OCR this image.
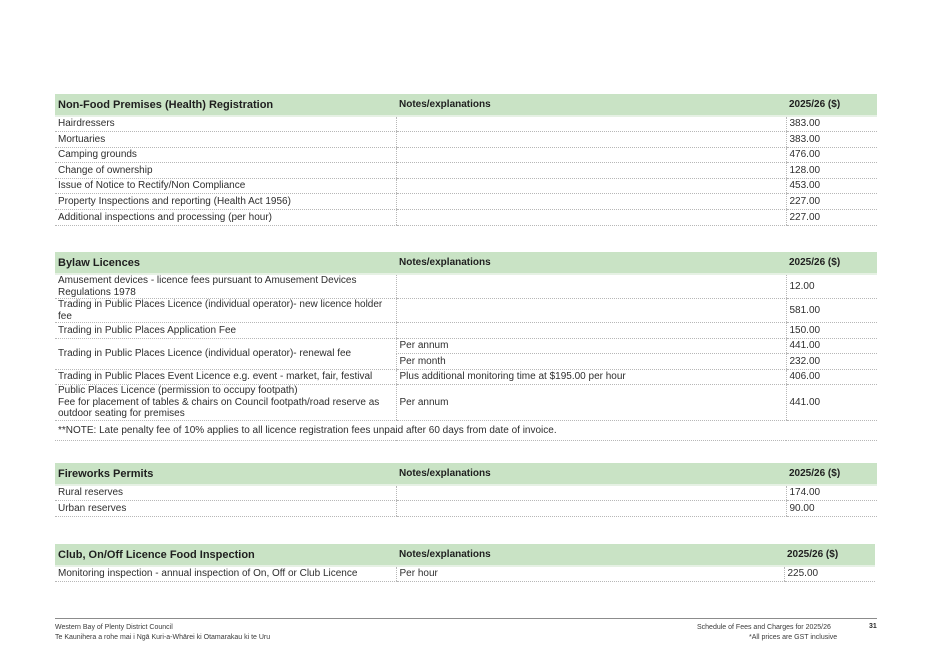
Non-Food Premises (Health) Registration	Notes/explanations	2025/26 ($)
Hairdressers		383.00
Mortuaries		383.00
Camping grounds		476.00
Change of ownership		128.00
Issue of Notice to Rectify/Non Compliance		453.00
Property Inspections and reporting (Health Act 1956)		227.00
Additional inspections and processing (per hour)		227.00
Bylaw Licences	Notes/explanations	2025/26 ($)
Amusement devices - licence fees pursuant to Amusement Devices Regulations 1978		12.00
Trading in Public Places Licence (individual operator)- new licence holder fee		581.00
Trading in Public Places Application Fee		150.00
Trading in Public Places Licence (individual operator)- renewal fee	Per annum	441.00
	Per month	232.00
Trading in Public Places Event Licence e.g. event - market, fair, festival	Plus additional monitoring time at $195.00 per hour	406.00

Public Places Licence (permission to occupy footpath)
Fee for placement of tables & chairs on Council footpath/road reserve as outdoor seating for premises	Per annum	441.00
**NOTE: Late penalty fee of 10% applies to all licence registration fees unpaid after 60 days from date of invoice.		
Fireworks Permits	Notes/explanations	2025/26 ($)
Rural reserves		174.00
Urban reserves		90.00
Club, On/Off Licence Food Inspection	Notes/explanations	2025/26 ($)
Monitoring inspection - annual inspection of On, Off or Club Licence	Per hour	225.00
Western Bay of Plenty District Council
Te Kaunihera a rohe mai i Ngā Kuri-a-Whārei ki Otamarakau ki te Uru
Schedule of Fees and Charges for 2025/26
*All prices are GST inclusive
31
